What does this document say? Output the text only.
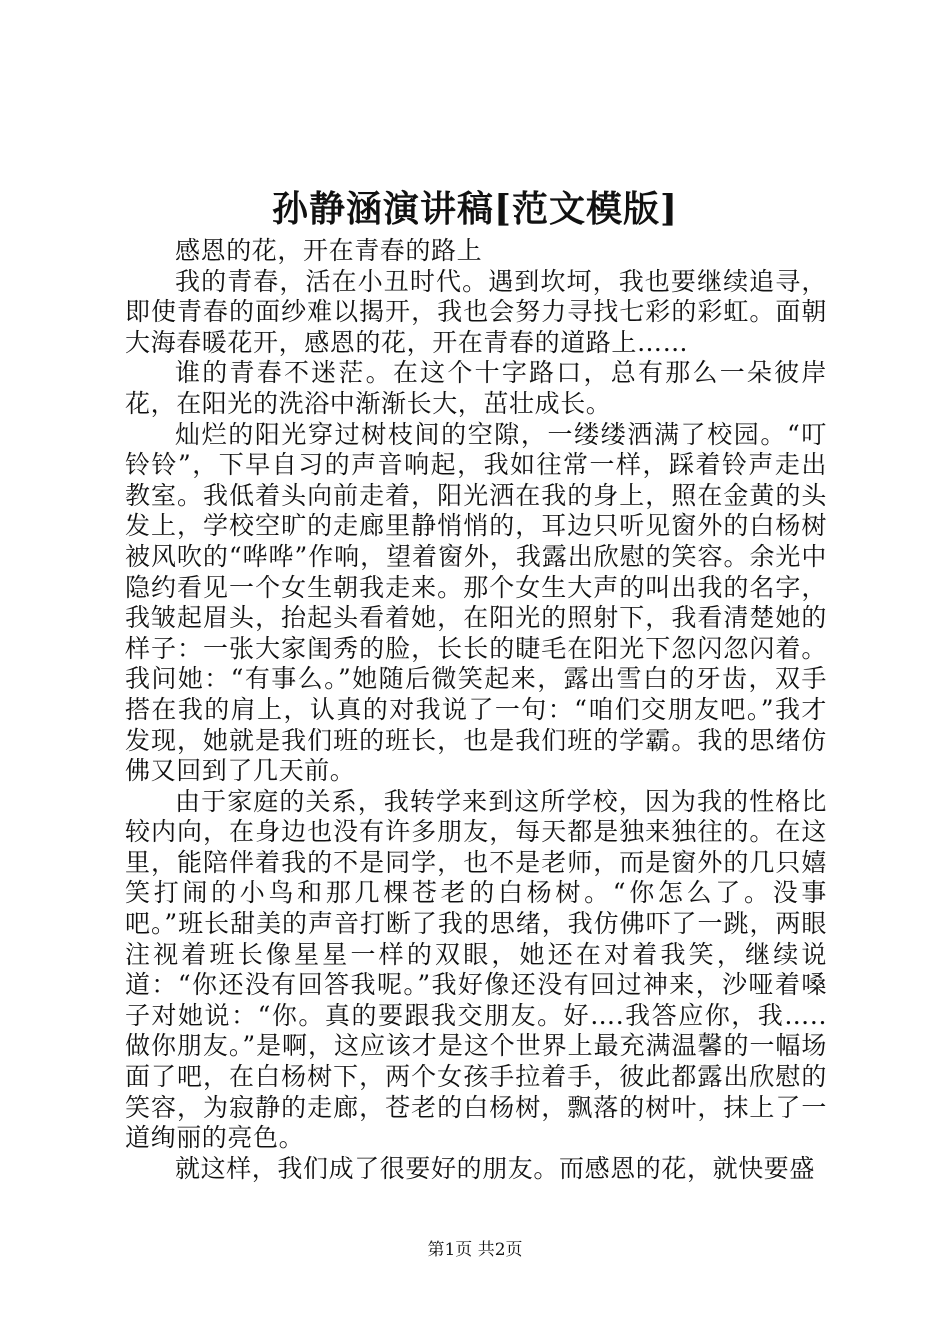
孙静涵演讲稿[范文模版]

感恩的花，开在青春的路上

我的青春，活在小丑时代。遇到坎坷，我也要继续追寻，即使青春的面纱难以揭开，我也会努力寻找七彩的彩虹。面朝大海春暖花开，感恩的花，开在青春的道路上……

谁的青春不迷茫。在这个十字路口，总有那么一朵彼岸花，在阳光的洗浴中渐渐长大，茁壮成长。

灿烂的阳光穿过树枝间的空隙，一缕缕洒满了校园。“叮铃铃”，下早自习的声音响起，我如往常一样，踩着铃声走出教室。我低着头向前走着，阳光洒在我的身上，照在金黄的头发上，学校空旷的走廊里静悄悄的，耳边只听见窗外的白杨树被风吹的“哗哗”作响，望着窗外，我露出欣慰的笑容。余光中隐约看见一个女生朝我走来。那个女生大声的叫出我的名字，我皱起眉头，抬起头看着她，在阳光的照射下，我看清楚她的样子：一张大家闺秀的脸，长长的睫毛在阳光下忽闪忽闪着。我问她：“有事么。”她随后微笑起来，露出雪白的牙齿，双手搭在我的肩上，认真的对我说了一句：“咱们交朋友吧。”我才发现，她就是我们班的班长，也是我们班的学霸。我的思绪仿佛又回到了几天前。

由于家庭的关系，我转学来到这所学校，因为我的性格比较内向，在身边也没有许多朋友，每天都是独来独往的。在这里，能陪伴着我的不是同学，也不是老师，而是窗外的几只嬉笑打闹的小鸟和那几棵苍老的白杨树。“你怎么了。没事吧。”班长甜美的声音打断了我的思绪，我仿佛吓了一跳，两眼注视着班长像星星一样的双眼，她还在对着我笑，继续说道：“你还没有回答我呢。”我好像还没有回过神来，沙哑着嗓子对她说：“你。真的要跟我交朋友。好….我答应你，我…..做你朋友。”是啊，这应该才是这个世界上最充满温馨的一幅场面了吧，在白杨树下，两个女孩手拉着手，彼此都露出欣慰的笑容，为寂静的走廊，苍老的白杨树，飘落的树叶，抹上了一道绚丽的亮色。

就这样，我们成了很要好的朋友。而感恩的花，就快要盛

第1页 共2页
